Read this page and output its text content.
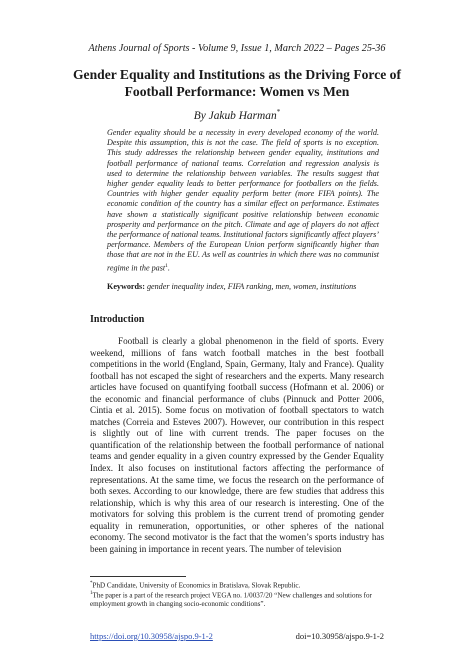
Athens Journal of Sports - Volume 9, Issue 1, March 2022 – Pages 25-36
Gender Equality and Institutions as the Driving Force of Football Performance: Women vs Men
By Jakub Harman*

Gender equality should be a necessity in every developed economy of the world. Despite this assumption, this is not the case. The field of sports is no exception. This study addresses the relationship between gender equality, institutions and football performance of national teams. Correlation and regression analysis is used to determine the relationship between variables. The results suggest that higher gender equality leads to better performance for footballers on the fields. Countries with higher gender equality perform better (more FIFA points). The economic condition of the country has a similar effect on performance. Estimates have shown a statistically significant positive relationship between economic prosperity and performance on the pitch. Climate and age of players do not affect the performance of national teams. Institutional factors significantly affect players’ performance. Members of the European Union perform significantly higher than those that are not in the EU. As well as countries in which there was no communist regime in the past$^1$.

Keywords: gender inequality index, FIFA ranking, men, women, institutions
Introduction

Football is clearly a global phenomenon in the field of sports. Every weekend, millions of fans watch football matches in the best football competitions in the world (England, Spain, Germany, Italy and France). Quality football has not escaped the sight of researchers and the experts. Many research articles have focused on quantifying football success (Hofmann et al. 2006) or the economic and financial performance of clubs (Pinnuck and Potter 2006, Cintia et al. 2015). Some focus on motivation of football spectators to watch matches (Correia and Esteves 2007). However, our contribution in this respect is slightly out of line with current trends. The paper focuses on the quantification of the relationship between the football performance of national teams and gender equality in a given country expressed by the Gender Equality Index. It also focuses on institutional factors affecting the performance of representations. At the same time, we focus the research on the performance of both sexes. According to our knowledge, there are few studies that address this relationship, which is why this area of our research is interesting. One of the motivators for solving this problem is the current trend of promoting gender equality in remuneration, opportunities, or other spheres of the national economy. The second motivator is the fact that the women’s sports industry has been gaining in importance in recent years. The number of television

*PhD Candidate, University of Economics in Bratislava, Slovak Republic.

$^1$The paper is a part of the research project VEGA no. 1/0037/20 “New challenges and solutions for employment growth in changing socio-economic conditions”.

https://doi.org/10.30958/ajspo.9-1-2	doi=10.30958/ajspo.9-1-2
